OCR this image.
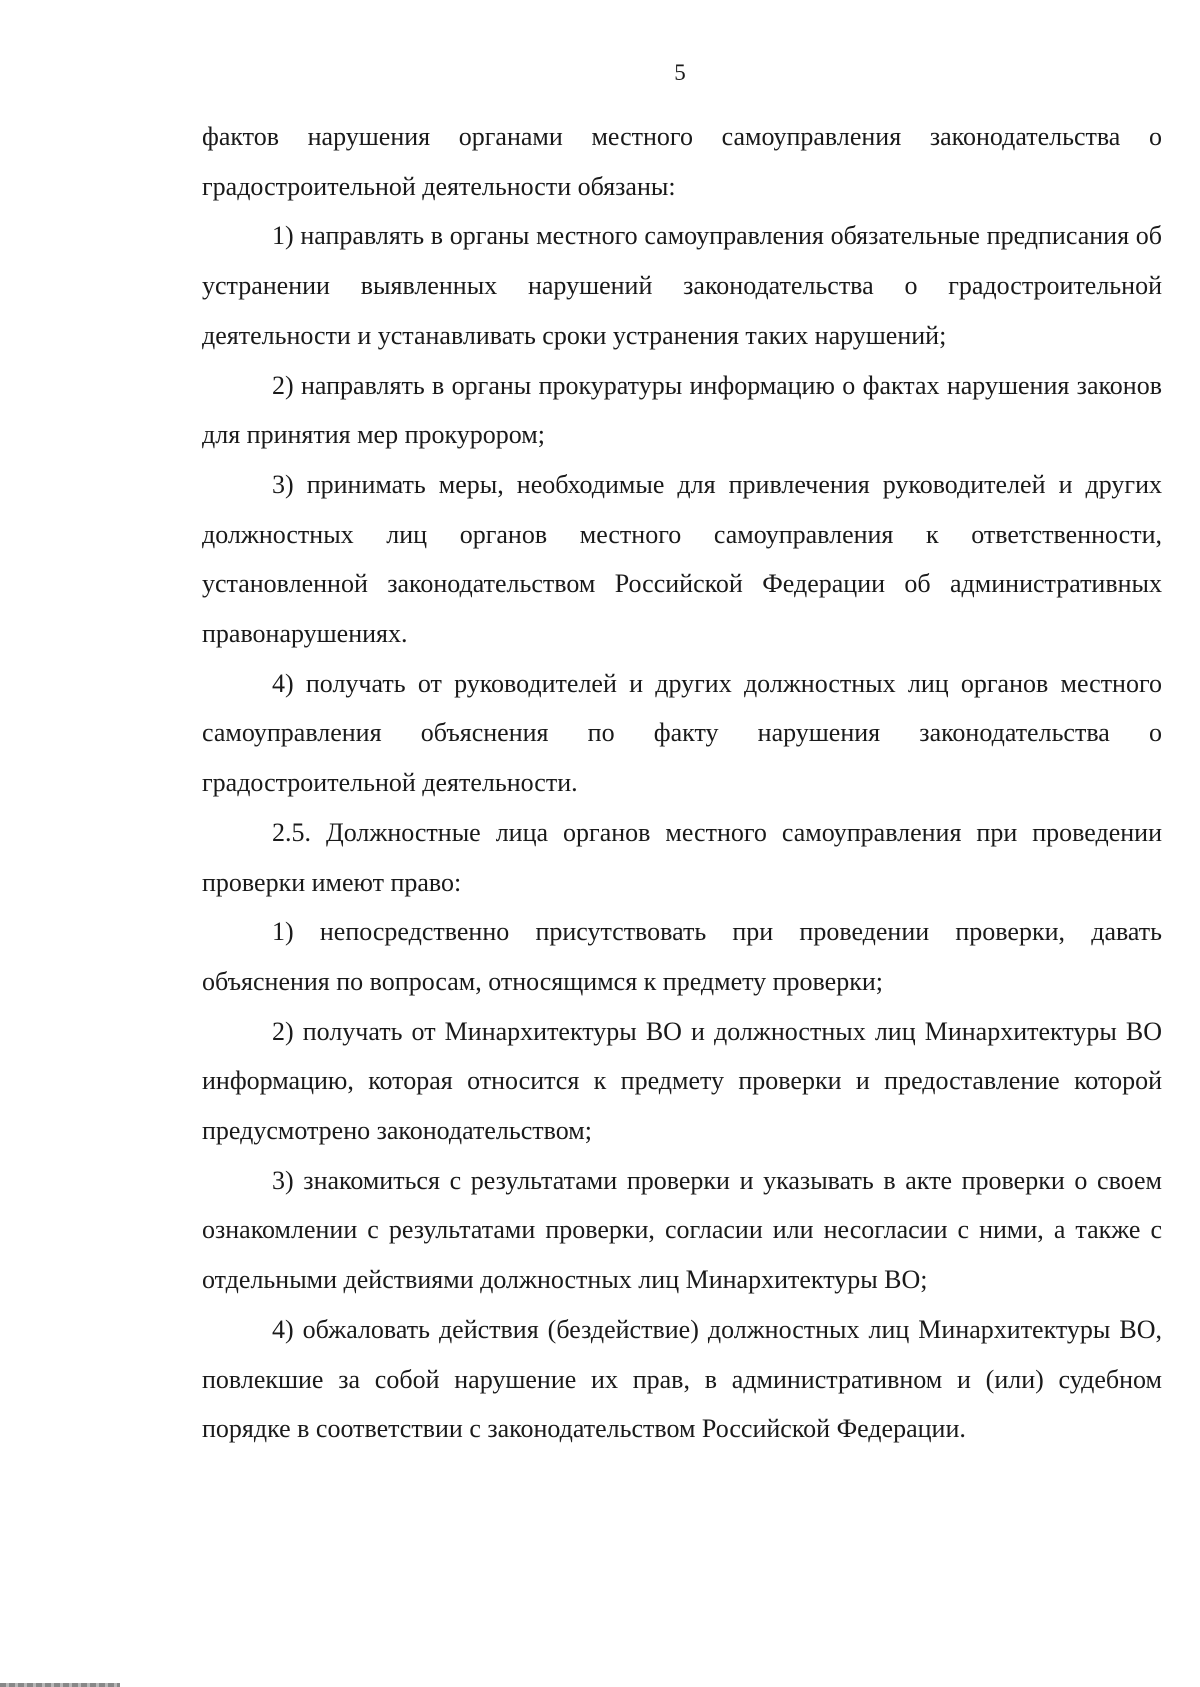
5

фактов нарушения органами местного самоуправления законодательства о градостроительной деятельности обязаны:

1) направлять в органы местного самоуправления обязательные предписания об устранении выявленных нарушений законодательства о градостроительной деятельности и устанавливать сроки устранения таких нарушений;

2) направлять в органы прокуратуры информацию о фактах нарушения законов для принятия мер прокурором;

3) принимать меры, необходимые для привлечения руководителей и других должностных лиц органов местного самоуправления к ответственности, установленной законодательством Российской Федерации об административных правонарушениях.

4) получать от руководителей и других должностных лиц органов местного самоуправления объяснения по факту нарушения законодательства о градостроительной деятельности.

2.5. Должностные лица органов местного самоуправления при проведении проверки имеют право:

1) непосредственно присутствовать при проведении проверки, давать объяснения по вопросам, относящимся к предмету проверки;

2) получать от Минархитектуры ВО и должностных лиц Минархитектуры ВО информацию, которая относится к предмету проверки и предоставление которой предусмотрено законодательством;

3) знакомиться с результатами проверки и указывать в акте проверки о своем ознакомлении с результатами проверки, согласии или несогласии с ними, а также с отдельными действиями должностных лиц Минархитектуры ВО;

4) обжаловать действия (бездействие) должностных лиц Минархитектуры ВО, повлекшие за собой нарушение их прав, в административном и (или) судебном порядке в соответствии с законодательством Российской Федерации.
